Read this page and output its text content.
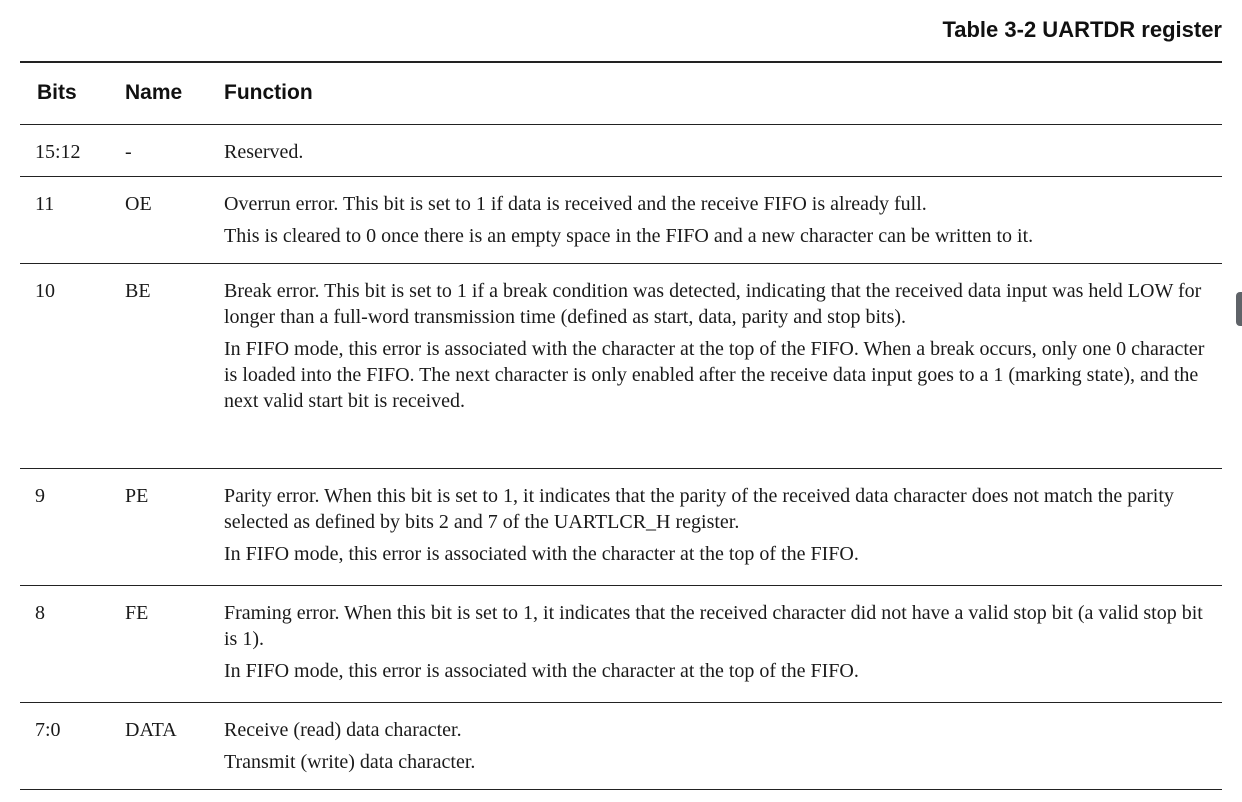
Table 3-2 UARTDR register
Bits	Name	Function
15:12	-	Reserved.

11	OE	Overrun error. This bit is set to 1 if data is received and the receive FIFO is already full.

This is cleared to 0 once there is an empty space in the FIFO and a new character can be written to it.

10	BE	Break error. This bit is set to 1 if a break condition was detected, indicating that the received data input was held LOW for longer than a full-word transmission time (defined as start, data, parity and stop bits).

In FIFO mode, this error is associated with the character at the top of the FIFO. When a break occurs, only one 0 character is loaded into the FIFO. The next character is only enabled after the receive data input goes to a 1 (marking state), and the next valid start bit is received.

9	PE	Parity error. When this bit is set to 1, it indicates that the parity of the received data character does not match the parity selected as defined by bits 2 and 7 of the UARTLCR_H register.

In FIFO mode, this error is associated with the character at the top of the FIFO.

8	FE	Framing error. When this bit is set to 1, it indicates that the received character did not have a valid stop bit (a valid stop bit is 1).

In FIFO mode, this error is associated with the character at the top of the FIFO.

7:0	DATA	Receive (read) data character.

Transmit (write) data character.
